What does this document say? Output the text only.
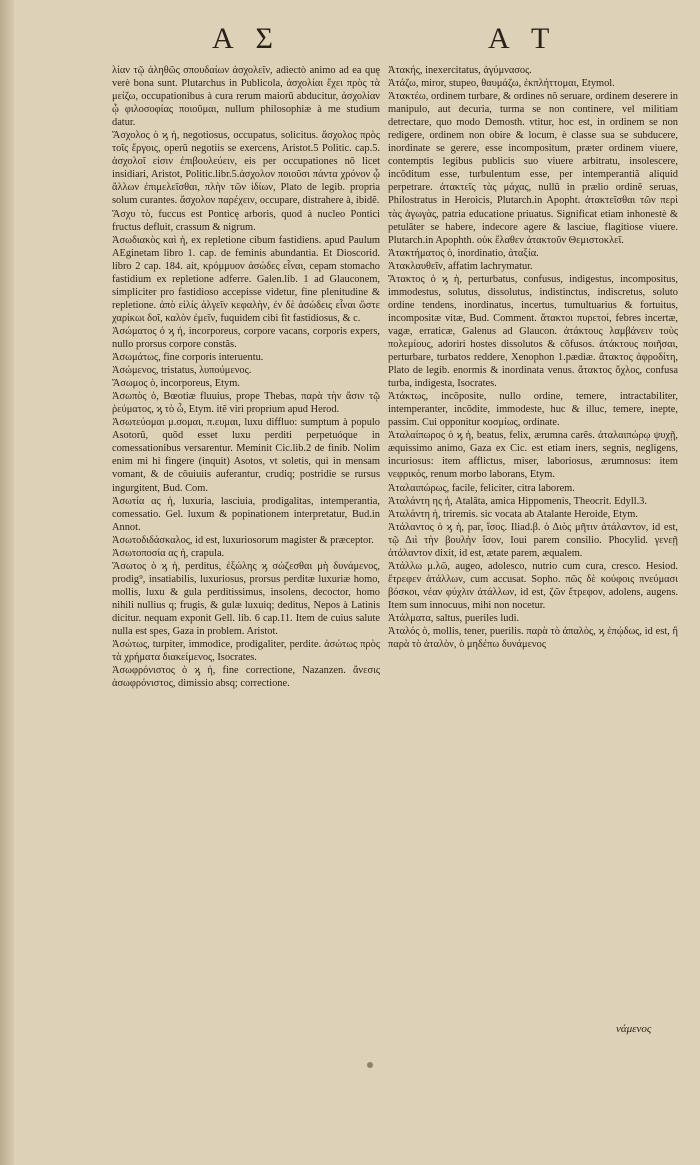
Α Σ	Α Τ

λίαν τῷ ἀληθῶς σπουδαίων ἀσχολεῖν, adiectò animo ad ea quę verè bona sunt. Plutarchus in Publicola, ἀσχολίαι ἔχει πρὸς τὰ μείζω, occupationibus à cura rerum maiorũ abducitur, ἀσχολίαν ᾧ φιλοσοφίας ποιοῦμαι, nullum philosophiæ à me studium datur.

Ἄσχολος ὁ ϗ ἡ, negotiosus, occupatus, solicitus. ἄσχολος πρὸς τοῖς ἔργοις, operũ negotiis se exercens, Aristot.5 Politic. cap.5. ἀσχολοῖ εἰσιν ἐπιβουλεύειν, eis per occupationes nõ licet insidiari, Aristot, Politic.libr.5.ἀσχολον ποιοῦσι πάντα χρόνον ᾧ ἄλλων ἐπιμελεῖσθαι, πλὴν τῶν ἰδίων, Plato de legib. propria solum curantes. ἄσχολον παρέχειν, occupare, distrahere à, ibidẽ.

Ἄσχυ τὸ, fuccus est Ponticę arboris, quod à nucleo Pontici fructus defluit, crassum & nigrum.

Ἀσωδιακὸς καὶ ἡ, ex repletione cibum fastidiens. apud Paulum AEginetam libro 1. cap. de feminis abundantia. Et Dioscorid. libro 2 cap. 184. ait, κρόμμυον ἀσώδες εἶναι, cepam stomacho fastidium ex repletione adferre. Galen.lib. 1 ad Glauconem, simpliciter pro fastidioso accepisse videtur, fine plenitudine & repletione. ἀπὸ εἰλίς ἀλγεῖν κεφαλὴν, ἐν δὲ ἀσώδεις εἶναι ὥστε χαρίκωι δοῖ, καλὸν ἐμεῖν, fuquidem cibi fit fastidiosus, & c.

Ἀσώματος ὁ ϗ ἡ, incorporeus, corpore vacans, corporis expers, nullo prorsus corpore constãs.

Ἀσωμάτως, fine corporis interuentu.

Ἀσώμενος, tristatus, λυπούμενος.

Ἄσωμος ὁ, incorporeus, Etym.

Ἀσωπὸς ὁ, Bœotiæ fluuius, prope Thebas, παρὰ τὴν ἄσιν τῷ ῥεύματος, ϗ τὸ ὦ, Etym. itẽ viri proprium apud Herod.

Ἀσωτεύομαι μ.σομαι, π.ευμαι, luxu diffluo: sumptum à populo Asotorũ, quõd esset luxu perditi perpetuóque in comessationibus versarentur. Meminit Cic.lib.2 de finib. Nolim enim mi hi fingere (inquit) Asotos, vt soletis, qui in mensam vomant, & de cõuiuiis auferantur, crudiq; postridie se rursus ingurgitent, Bud. Com.

Ἀσωτία ας ἡ, luxuria, lasciuia, prodigalitas, intemperantia, comessatio. Gel. luxum & popinationem interpretatur, Bud.in Annot.

Ἀσωτοδιδάσκαλος, id est, luxuriosorum magister & præceptor.

Ἀσωτοποσία ας ἡ, crapula.

Ἄσωτος ὁ ϗ ἡ, perditus, ἐξώλης ϗ σώζεσθαι μὴ δυνάμενος, prodig⁹, insatiabilis, luxuriosus, prorsus perditæ luxuriæ homo, mollis, luxu & gula perditissimus, insolens, decoctor, homo nihili nullius q; frugis, & gulæ luxuiq; deditus, Nepos à Latinis dicitur. nequam exponit Gell. lib. 6 cap.11. Item de cuius salute nulla est spes, Gaza in problem. Aristot.

Ἀσώτως, turpiter, immodice, prodigaliter, perdite. ἀσώτως πρὸς τὰ χρήματα διακείμενος, Isocrates.

Ἀσωφρόνιστος ὁ ϗ ἡ, fine correctione, Nazanzen. ἄνεσις ἀσωφρόνιστος, dimissio absq; correctione.

Ἀτακής, inexercitatus, ἀγύμνασος.

Ἀτάζω, miror, stupeo, θαυμάζω, ἐκπλήττομαι, Etymol.

Ἀτακτέω, ordinem turbare, & ordines nõ seruare, ordinem deserere in manipulo, aut decuria, turma se non continere, vel militiam detrectare, quo modo Demosth. vtitur, hoc est, in ordinem se non redigere, ordinem non obire & locum, è classe sua se subducere, inordinate se gerere, esse incompositum, præter ordinem viuere, contemptis legibus publicis suo viuere arbitratu, insolescere, incõditum esse, turbulentum esse, per intemperantiã aliquid perpetrare. ἀτακτεῖς τὰς μάχας, nullũ in prælio ordinẽ seruas, Philostratus in Heroicis, Plutarch.in Apopht. ἀτακτεῖσθαι τῶν περὶ τὰς ἀγωγὰς, patria educatione priuatus. Significat etiam inhonestè & petulãter se habere, indecore agere & lasciue, flagitiose viuere. Plutarch.in Apophth. οὐκ ἔλαθεν ἀτακτοῦν Θεμιστοκλεῖ.

Ἀτακτήματος ὁ, inordinatio, ἀταξία.

Ἀτακλαυθεῖν, affatim lachrymatur.

Ἄτακτος ὁ ϗ ἡ, perturbatus, confusus, indigestus, incompositus, immodestus, solutus, dissolutus, indistinctus, indiscretus, soluto ordine tendens, inordinatus, incertus, tumultuarius & fortuitus, incompositæ vitæ, Bud. Comment. ἄτακτοι πυρετοί, febres incertæ, vagæ, erraticæ, Galenus ad Glaucon. ἀτάκτους λαμβάνειν τοὺς πολεμίους, adoriri hostes dissolutos & cõfusos. ἀτάκτους ποιῆσαι, perturbare, turbatos reddere, Xenophon 1.pædiæ. ἄτακτος ἀφροδίτη, Plato de legib. enormis & inordinata venus. ἄτακτος ὄχλος, confusa turba, indigesta, Isocrates.

Ἀτάκτως, incõposite, nullo ordine, temere, intractabiliter, intemperanter, incõdite, immodeste, huc & illuc, temere, inepte, passim. Cui opponitur κοσμίως, ordinate.

Ἀταλαίπωρος ὁ ϗ ἡ, beatus, felix, ærumna carẽs. ἀταλαιπώρῳ ψυχῇ, æquissimo animo, Gaza ex Cic. est etiam iners, segnis, negligens, incuriosus: item afflictus, miser, laboriosus, ærumnosus: item νεφρικός, renum morbo laborans, Etym.

Ἀταλαιπώρως, facile, feliciter, citra laborem.

Ἀταλάντη ης ἡ, Atalãta, amica Hippomenis, Theocrit. Edyll.3.

Ἀταλάντη ἡ, triremis. sic vocata ab Atalante Heroide, Etym.

Ἀτάλαντος ὁ ϗ ἡ, par, ἴσος. Iliad.β. ὁ Διὸς μῆτιν ἀτάλαντον, id est, τῷ Διὶ τὴν βουλὴν ἴσον, Ioui parem consilio. Phocylid. γενεῇ ἀτάλαντον dixit, id est, ætate parem, æqualem.

Ἀτάλλω μ.λῶ, augeo, adolesco, nutrio cum cura, cresco. Hesiod. ἔτρεφεν ἀτάλλων, cum accusat. Sopho. πῶς δὲ κούφοις πνεύμασι βόσκοι, νέαν φύχλιν ἀτάλλων, id est, ζῶν ἔτρεφον, adolens, augens. Item sum innocuus, mihi non nocetur.

Ἀτάλματα, saltus, pueriles ludi.

Ἀταλός ὁ, mollis, tener, puerilis. παρὰ τὸ ἀπαλὸς, ϗ ἐπῴδως, id est, ἢ παρὰ τὸ ἀταλὸν, ὁ μηδέπω δυνάμενος

νάμενος
